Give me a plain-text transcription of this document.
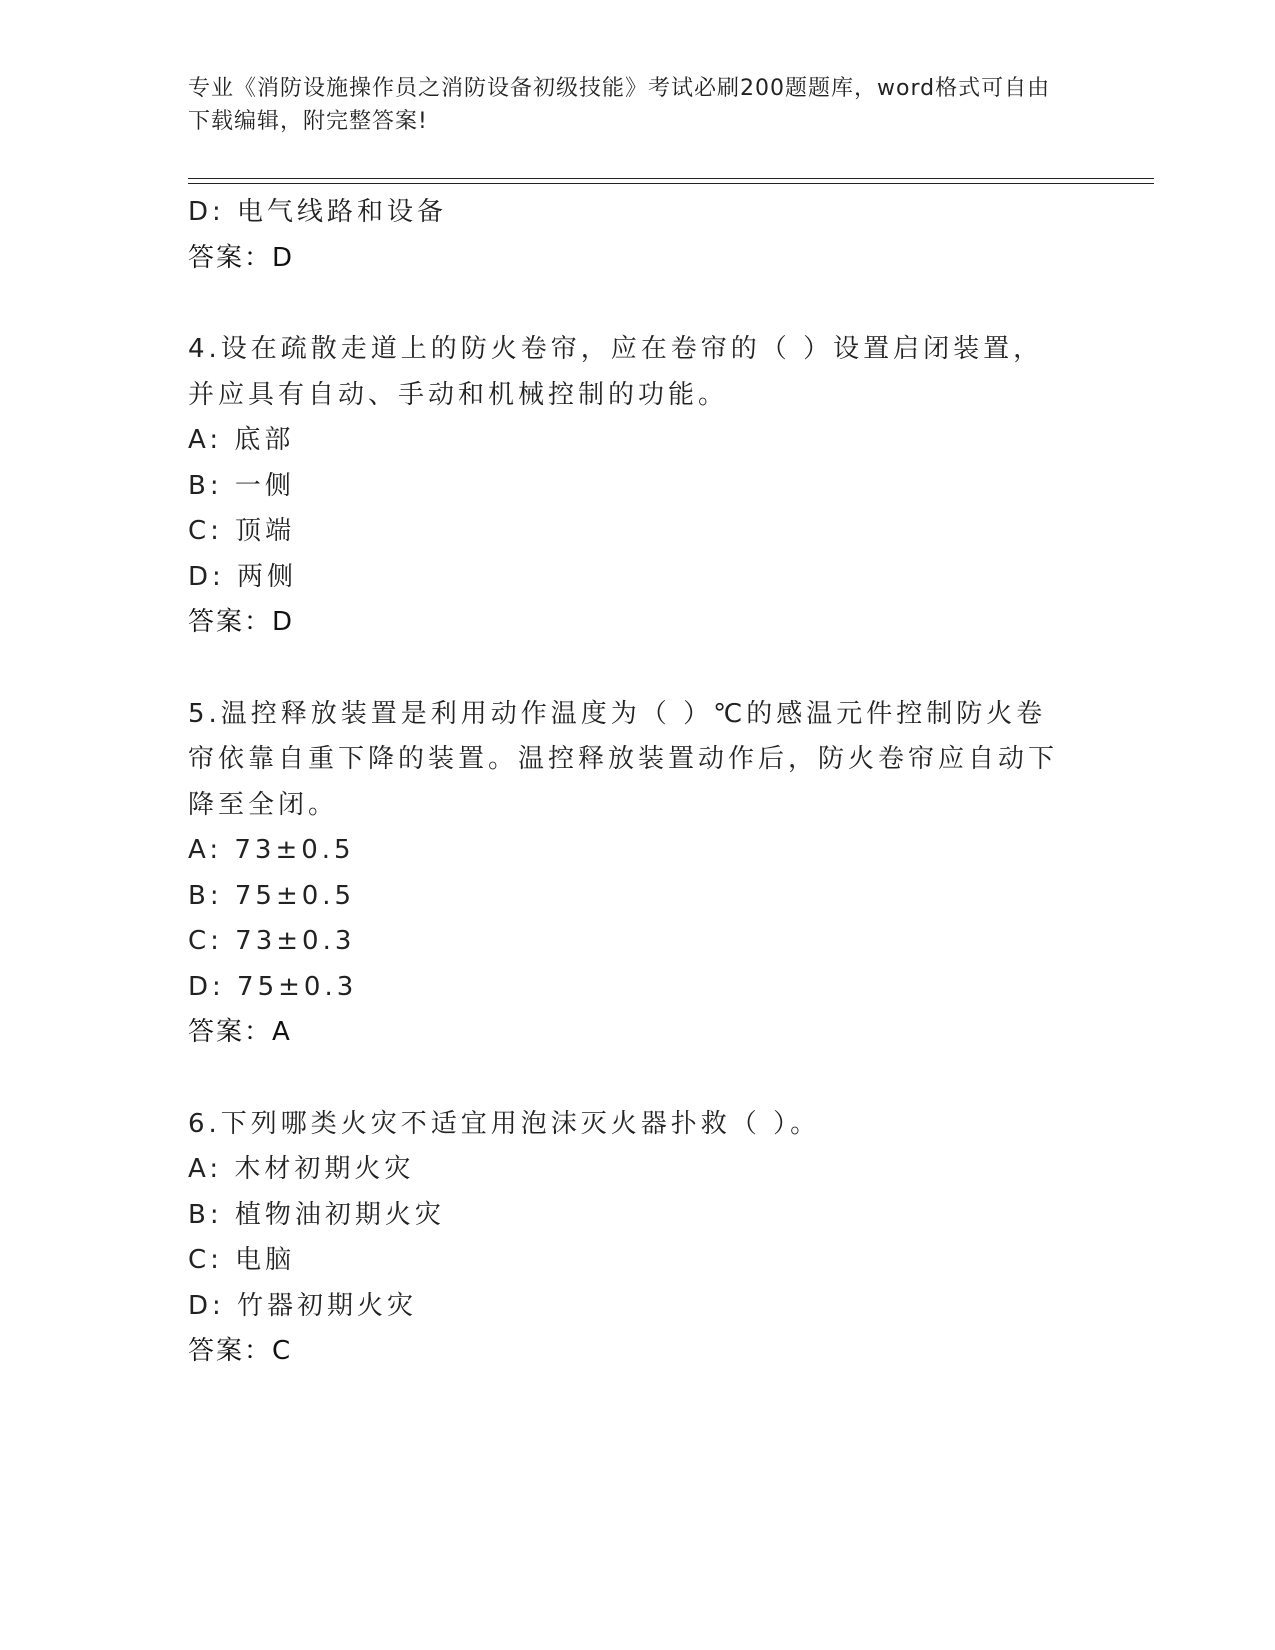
专业《消防设施操作员之消防设备初级技能》考试必刷200题题库，word格式可自由下载编辑，附完整答案!
D: 电气线路和设备
答案：D
4.设在疏散走道上的防火卷帘，应在卷帘的（ ）设置启闭装置，并应具有自动、手动和机械控制的功能。
A: 底部
B: 一侧
C: 顶端
D: 两侧
答案：D
5.温控释放装置是利用动作温度为（ ）℃的感温元件控制防火卷帘依靠自重下降的装置。温控释放装置动作后，防火卷帘应自动下降至全闭。
A: 73±0.5
B: 75±0.5
C: 73±0.3
D: 75±0.3
答案：A
6.下列哪类火灾不适宜用泡沫灭火器扑救（ ）。
A: 木材初期火灾
B: 植物油初期火灾
C: 电脑
D: 竹器初期火灾
答案：C
